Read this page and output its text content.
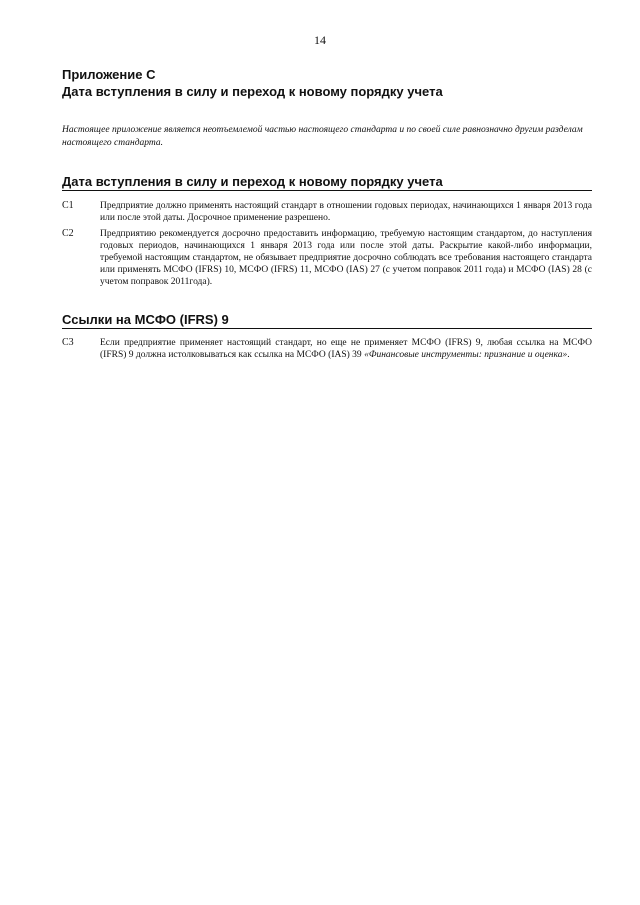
14
Приложение C
Дата вступления в силу и переход к новому порядку учета
Настоящее приложение является неотъемлемой частью настоящего стандарта и по своей силе равнозначно другим разделам настоящего стандарта.
Дата вступления в силу и переход к новому порядку учета
C1	Предприятие должно применять настоящий стандарт в отношении годовых периодах, начинающихся 1 января 2013 года или после этой даты. Досрочное применение разрешено.
C2	Предприятию рекомендуется досрочно предоставить информацию, требуемую настоящим стандартом, до наступления годовых периодов, начинающихся 1 января 2013 года или после этой даты. Раскрытие какой-либо информации, требуемой настоящим стандартом, не обязывает предприятие досрочно соблюдать все требования настоящего стандарта или применять МСФО (IFRS) 10, МСФО (IFRS) 11, МСФО (IAS) 27 (с учетом поправок 2011 года) и МСФО (IAS) 28 (с учетом поправок 2011года).
Ссылки на МСФО (IFRS) 9
C3	Если предприятие применяет настоящий стандарт, но еще не применяет МСФО (IFRS) 9, любая ссылка на МСФО (IFRS) 9 должна истолковываться как ссылка на МСФО (IAS) 39 «Финансовые инструменты: признание и оценка».
